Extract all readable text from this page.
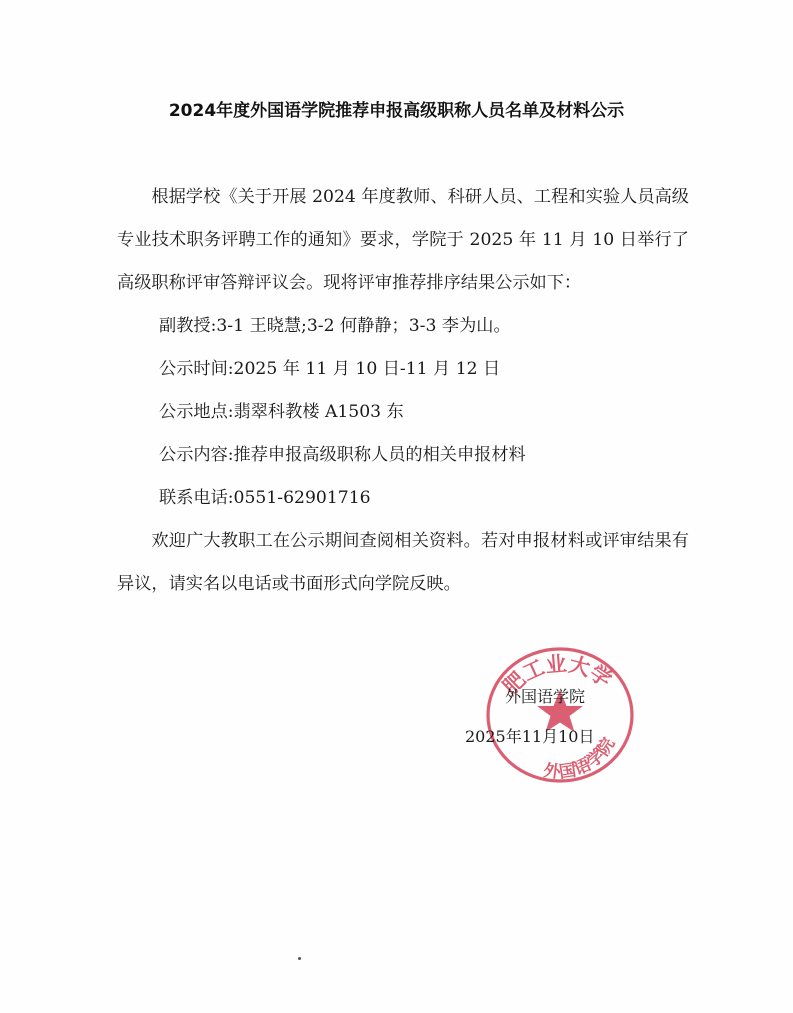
2024年度外国语学院推荐申报高级职称人员名单及材料公示

根据学校《关于开展 2024 年度教师、科研人员、工程和实验人员高级专业技术职务评聘工作的通知》要求，学院于 2025 年 11 月 10 日举行了高级职称评审答辩评议会。现将评审推荐排序结果公示如下：

副教授:3-1 王晓慧;3-2 何静静；3-3 李为山。

公示时间:2025 年 11 月 10 日-11 月 12 日

公示地点:翡翠科教楼 A1503 东

公示内容:推荐申报高级职称人员的相关申报材料

联系电话:0551-62901716

欢迎广大教职工在公示期间查阅相关资料。若对申报材料或评审结果有异议，请实名以电话或书面形式向学院反映。

肥工业大学
外国语学院
外国语学院
2025年11月10日
